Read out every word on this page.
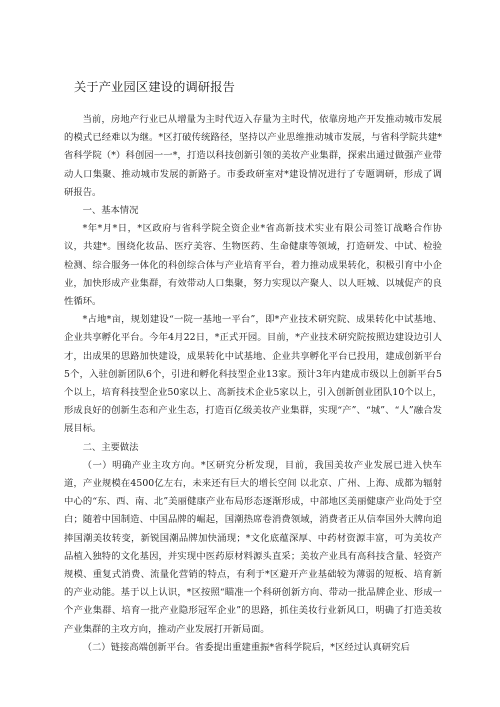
关于产业园区建设的调研报告

当前，房地产行业已从增量为主时代迈入存量为主时代，依靠房地产开发推动城市发展的模式已经难以为继。*区打破传统路径，坚持以产业思维推动城市发展，与省科学院共建*省科学院（*）科创园一一*，打造以科技创新引领的美妆产业集群，探索出通过做强产业带动人口集聚、推动城市发展的新路子。市委政研室对*建设情况进行了专题调研，形成了调研报告。

一、基本情况

*年*月*日，*区政府与省科学院全资企业*省高新技术实业有限公司签订战略合作协议，共建*。围绕化妆品、医疗美容、生物医药、生命健康等领域，打造研发、中试、检验检测、综合服务一体化的科创综合体与产业培育平台，着力推动成果转化，积极引育中小企业，加快形成产业集群，有效带动人口集聚，努力实现以产聚人、以人旺城、以城促产的良性循环。

*占地*亩，规划建设“一院一基地一平台”，即*产业技术研究院、成果转化中试基地、企业共享孵化平台。今年4月22日，*正式开园。目前，*产业技术研究院按照边建设边引人才，出成果的思路加快建设，成果转化中试基地、企业共享孵化平台已投用，建成创新平台5个，入驻创新团队6个，引进和孵化科技型企业13家。预计3年内建成市级以上创新平台5个以上，培育科技型企业50家以上、高新技术企业5家以上，引入创新创业团队10个以上，形成良好的创新生态和产业生态，打造百亿级美妆产业集群，实现“产”、“城”、“人”融合发展目标。

二、主要做法

（一）明确产业主攻方向。*区研究分析发现，目前，我国美妆产业发展已进入快车道，产业规模在4500亿左右，未来还有巨大的增长空间 以北京、广州、上海、成都为辐射中心的“东、西、南、北”美丽健康产业布局形态逐渐形成，中部地区美丽健康产业尚处于空白；随着中国制造、中国品牌的崛起，国潮热席卷消费领域，消费者正从信奉国外大牌向追捧国潮美妆转变，新锐国潮品牌加快涌现；*文化底蕴深厚、中药材资源丰富，可为美妆产品植入独特的文化基因，并实现中医药原材料源头直采；美妆产业具有高科技含量、轻资产规模、重复式消费、流量化营销的特点，有利于*区避开产业基础较为薄弱的短板、培育新的产业动能。基于以上认识，*区按照“瞄准一个科研创新方向、带动一批品牌企业、形成一个产业集群、培育一批产业隐形冠军企业”的思路，抓住美妆行业新风口，明确了打造美妆产业集群的主攻方向，推动产业发展打开新局面。

（二）链接高端创新平台。省委提出重建重振*省科学院后，*区经过认真研究后
